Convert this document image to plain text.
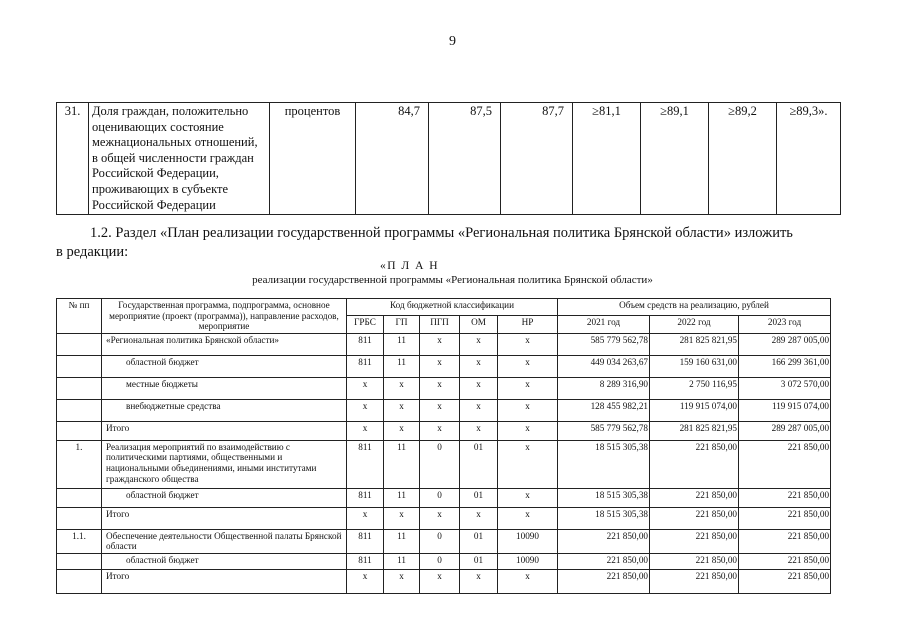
9
31.	Доля граждан, положительно оценивающих состояние межнациональных отношений, в общей численности граждан Российской Федерации, проживающих в субъекте Российской Федерации	процентов	84,7	87,5	87,7	≥81,1	≥89,1	≥89,2	≥89,3».
1.2. Раздел «План реализации государственной программы «Региональная политика Брянской области» изложить
в редакции:
«П Л А Н
реализации государственной программы «Региональная политика Брянской области»
№ пп	Государственная программа, подпрограмма, основное мероприятие (проект (программа)), направление расходов, мероприятие	Код бюджетной классификации					Объем средств на реализацию, рублей		
		ГРБС	ГП	ПГП	ОМ	НР	2021 год	2022 год	2023 год
	«Региональная политика Брянской области»	811	11	х	х	х	585 779 562,78	281 825 821,95	289 287 005,00
	областной бюджет	811	11	х	х	х	449 034 263,67	159 160 631,00	166 299 361,00
	местные бюджеты	х	х	х	х	х	8 289 316,90	2 750 116,95	3 072 570,00
	внебюджетные средства	х	х	х	х	х	128 455 982,21	119 915 074,00	119 915 074,00
	Итого	х	х	х	х	х	585 779 562,78	281 825 821,95	289 287 005,00
1.	Реализация мероприятий по взаимодействию с политическими партиями, общественными и национальными объединениями, иными институтами гражданского общества	811	11	0	01	х	18 515 305,38	221 850,00	221 850,00
	областной бюджет	811	11	0	01	х	18 515 305,38	221 850,00	221 850,00
	Итого	х	х	х	х	х	18 515 305,38	221 850,00	221 850,00
1.1.	Обеспечение деятельности Общественной палаты Брянской области	811	11	0	01	10090	221 850,00	221 850,00	221 850,00
	областной бюджет	811	11	0	01	10090	221 850,00	221 850,00	221 850,00
	Итого	х	х	х	х	х	221 850,00	221 850,00	221 850,00
